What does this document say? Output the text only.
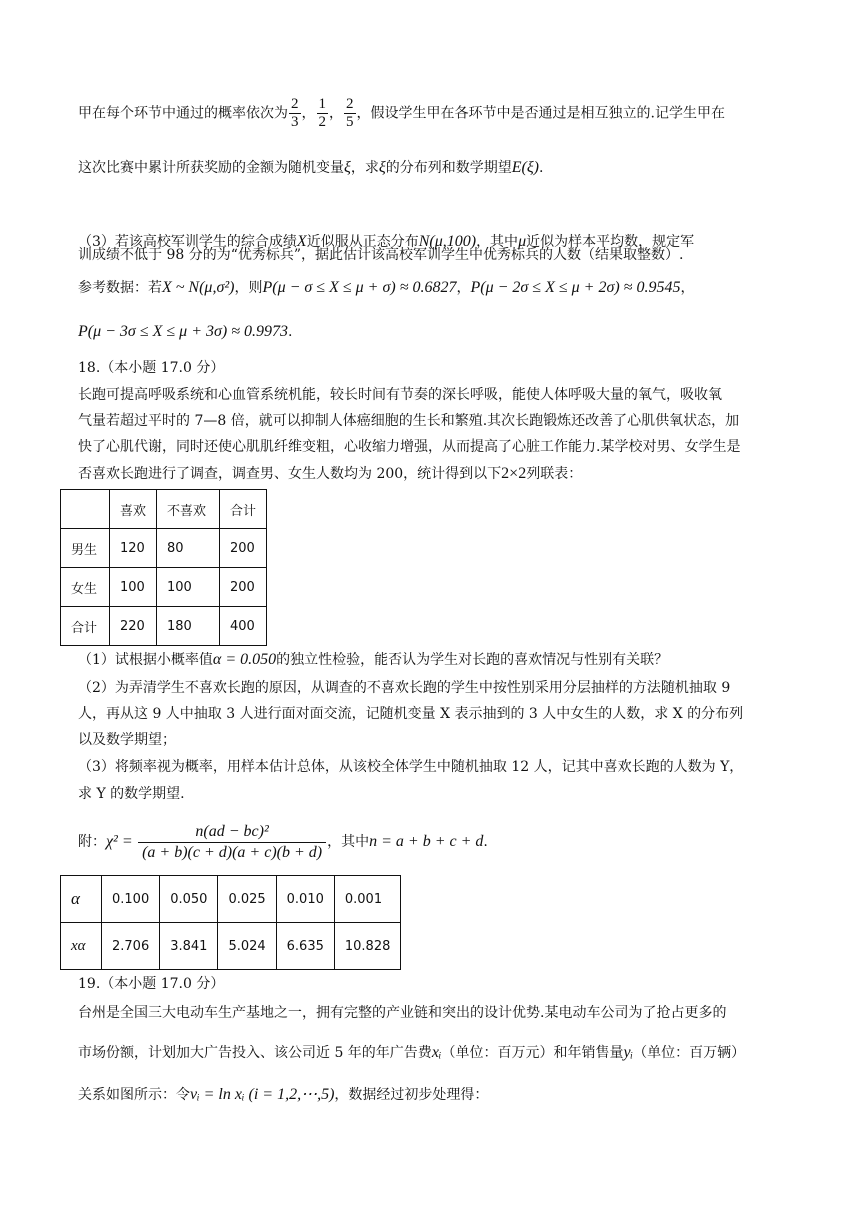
甲在每个环节中通过的概率依次为 $\frac{2}{3}$ ， $\frac{1}{2}$ ， $\frac{2}{5}$ ，假设学生甲在各环节中是否通过是相互独立的.记学生甲在
这次比赛中累计所获奖励的金额为随机变量ξ，求ξ的分布列和数学期望E(ξ).
（3）若该高校军训学生的综合成绩X近似服从正态分布N(μ,100)，其中μ近似为样本平均数，规定军
训成绩不低于 98 分的为“优秀标兵”，据此估计该高校军训学生中优秀标兵的人数（结果取整数）.
参考数据：若X ~ N(μ,σ²)，则P(μ − σ ≤ X ≤ μ + σ) ≈ 0.6827，P(μ − 2σ ≤ X ≤ μ + 2σ) ≈ 0.9545，
P(μ − 3σ ≤ X ≤ μ + 3σ) ≈ 0.9973.
18.（本小题 17.0 分）
长跑可提高呼吸系统和心血管系统机能，较长时间有节奏的深长呼吸，能使人体呼吸大量的氧气，吸收氧
气量若超过平时的 7—8 倍，就可以抑制人体癌细胞的生长和繁殖.其次长跑锻炼还改善了心肌供氧状态，加
快了心肌代谢，同时还使心肌肌纤维变粗，心收缩力增强，从而提高了心脏工作能力.某学校对男、女学生是
否喜欢长跑进行了调查，调查男、女生人数均为 200，统计得到以下2×2列联表：
	喜欢	不喜欢	合计
男生	120	80	200
女生	100	100	200
合计	220	180	400
（1）试根据小概率值α = 0.050的独立性检验，能否认为学生对长跑的喜欢情况与性别有关联？
（2）为弄清学生不喜欢长跑的原因，从调查的不喜欢长跑的学生中按性别采用分层抽样的方法随机抽取 9
人，再从这 9 人中抽取 3 人进行面对面交流，记随机变量 X 表示抽到的 3 人中女生的人数，求 X 的分布列
以及数学期望；
（3）将频率视为概率，用样本估计总体，从该校全体学生中随机抽取 12 人，记其中喜欢长跑的人数为 Y，
求 Y 的数学期望.
附：$\chi^2 = \frac{\text{n(ad − bc)²}}{(a + b)(c + d)(a + c)(b + d)}$ ，其中n = a + b + c + d.
α	0.100	0.050	0.025	0.010	0.001
xα	2.706	3.841	5.024	6.635	10.828
19.（本小题 17.0 分）
台州是全国三大电动车生产基地之一，拥有完整的产业链和突出的设计优势.某电动车公司为了抢占更多的
市场份额，计划加大广告投入、该公司近 5 年的年广告费xᵢ（单位：百万元）和年销售量yᵢ（单位：百万辆）
关系如图所示：令vᵢ = ln xᵢ (i = 1,2,⋯,5)，数据经过初步处理得：
